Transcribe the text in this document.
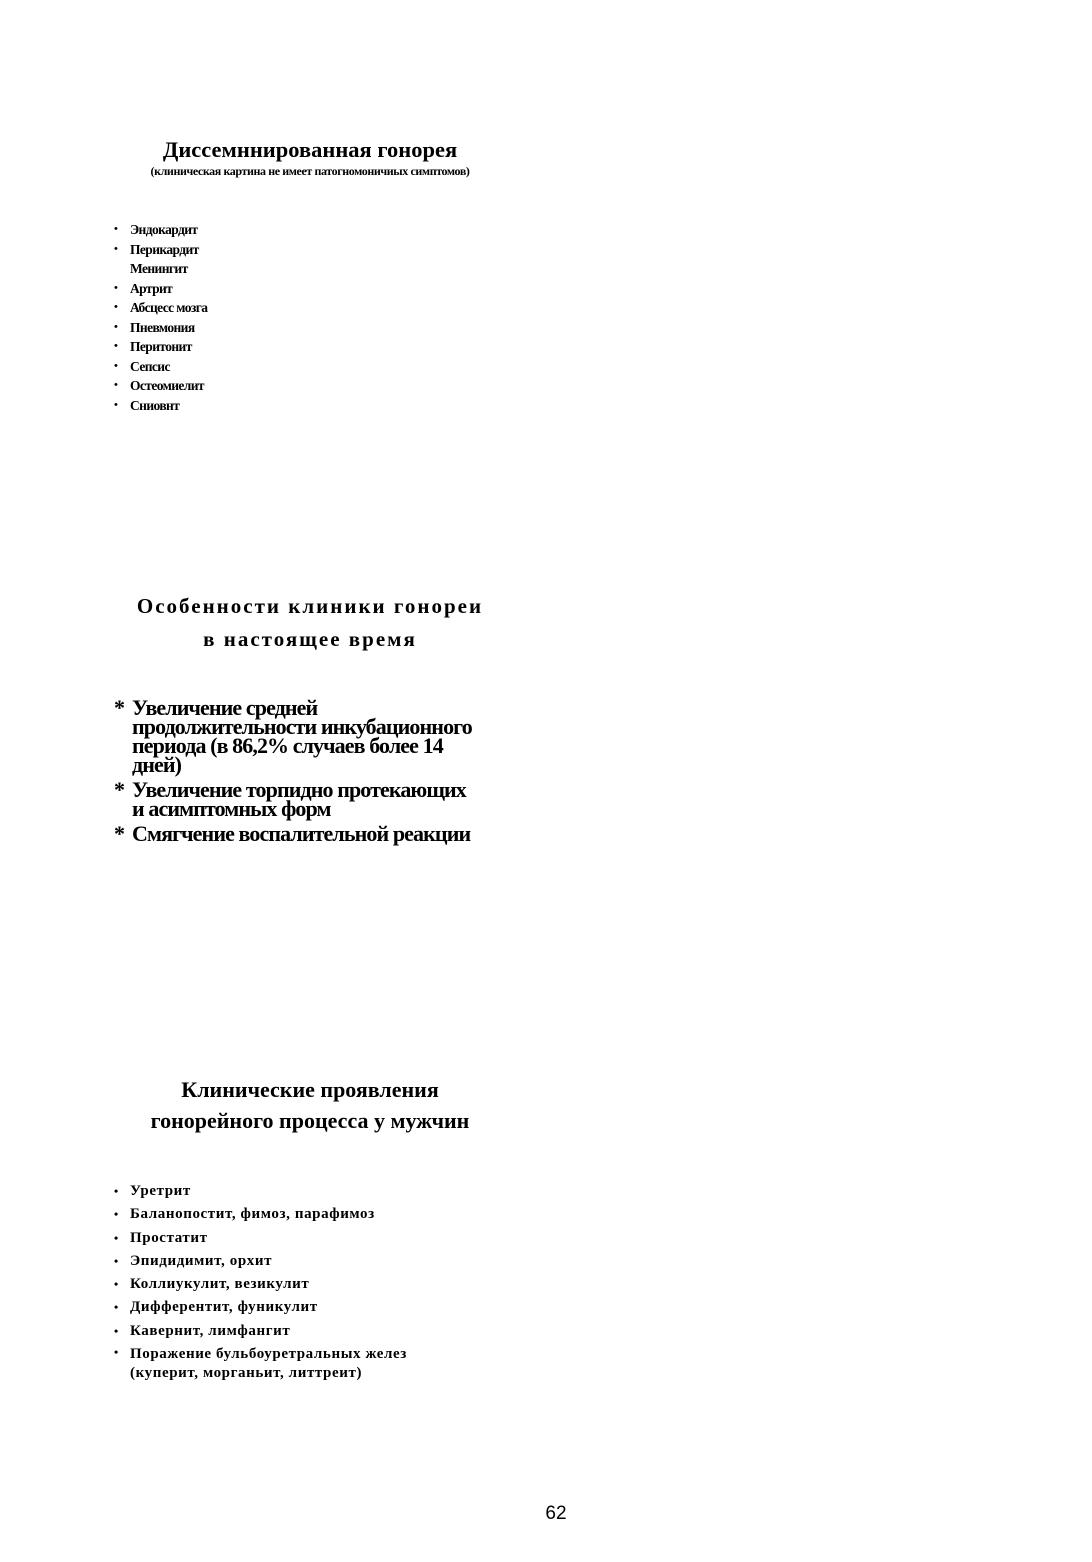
Диссемннированная гонорея

(клиническая картина не имеет патогномоничиых симптомов)

• Эндокардит
• Перикардит
Менингит
• Артрит
• Абсцесс мозга
• Пневмония
• Перитонит
• Сепсис
• Остеомиелит
• Сниовнт

Особенности клиники гонореи

в настоящее время

* Увеличение средней
продолжительности инкубационного
периода (в 86,2% случаев более 14
дней)
* Увеличение торпидно протекающих
и асимптомных форм
* Смягчение воспалительной реакции

Клинические проявления

гонорейного процесса у мужчин

• Уретрит
• Баланопостит, фимоз, парафимоз
• Простатит
• Эпидидимит, орхит
• Коллиукулит, везикулит
• Дифферентит, фуникулит
• Кавернит, лимфангит
• Поражение бульбоуретральных желез
(куперит, морганьит, литтреит)
62
